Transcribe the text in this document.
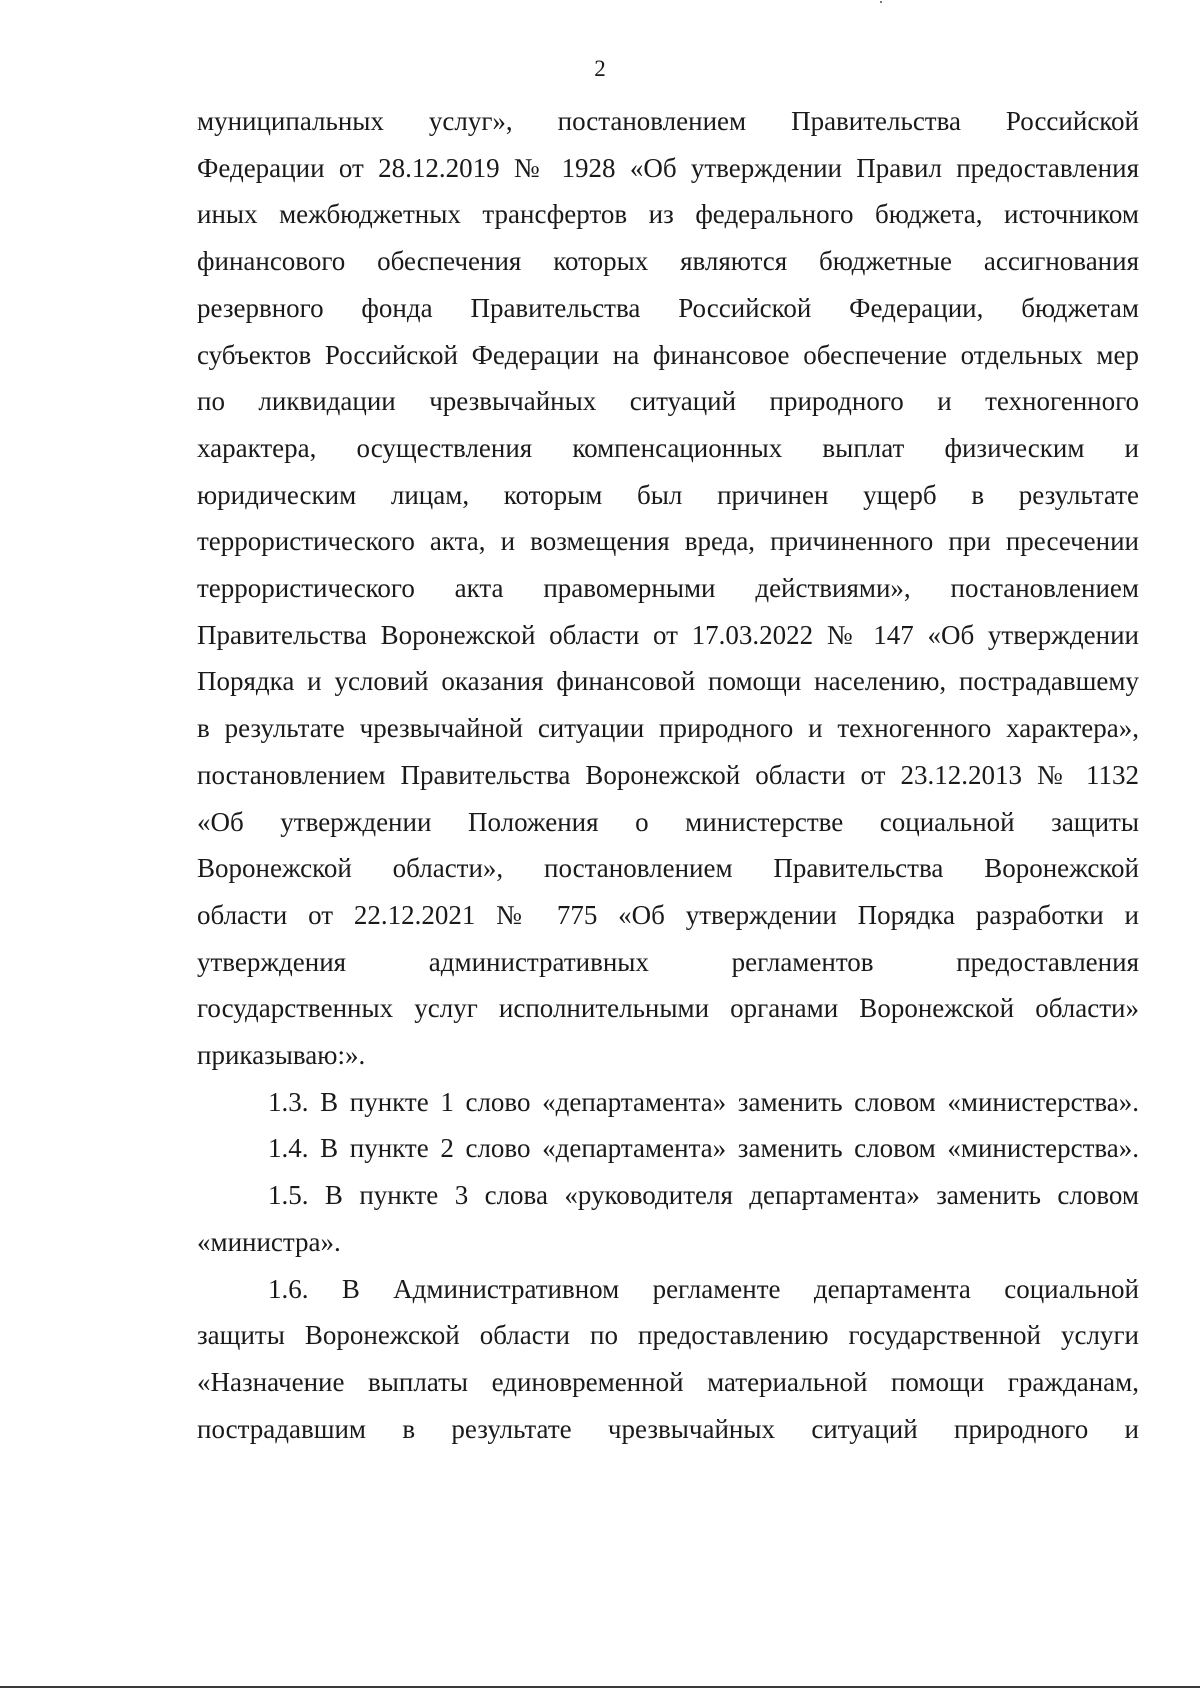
2
муниципальных услуг», постановлением Правительства Российской
Федерации от 28.12.2019 № 1928 «Об утверждении Правил предоставления
иных межбюджетных трансфертов из федерального бюджета, источником
финансового обеспечения которых являются бюджетные ассигнования
резервного фонда Правительства Российской Федерации, бюджетам
субъектов Российской Федерации на финансовое обеспечение отдельных мер
по ликвидации чрезвычайных ситуаций природного и техногенного
характера, осуществления компенсационных выплат физическим и
юридическим лицам, которым был причинен ущерб в результате
террористического акта, и возмещения вреда, причиненного при пресечении
террористического акта правомерными действиями», постановлением
Правительства Воронежской области от 17.03.2022 № 147 «Об утверждении
Порядка и условий оказания финансовой помощи населению, пострадавшему
в результате чрезвычайной ситуации природного и техногенного характера»,
постановлением Правительства Воронежской области от 23.12.2013 № 1132
«Об утверждении Положения о министерстве социальной защиты
Воронежской области», постановлением Правительства Воронежской
области от 22.12.2021 № 775 «Об утверждении Порядка разработки и
утверждения административных регламентов предоставления
государственных услуг исполнительными органами Воронежской области»
приказываю:».
1.3. В пункте 1 слово «департамента» заменить словом «министерства».
1.4. В пункте 2 слово «департамента» заменить словом «министерства».
1.5. В пункте 3 слова «руководителя департамента» заменить словом
«министра».
1.6. В Административном регламенте департамента социальной
защиты Воронежской области по предоставлению государственной услуги
«Назначение выплаты единовременной материальной помощи гражданам,
пострадавшим в результате чрезвычайных ситуаций природного и
